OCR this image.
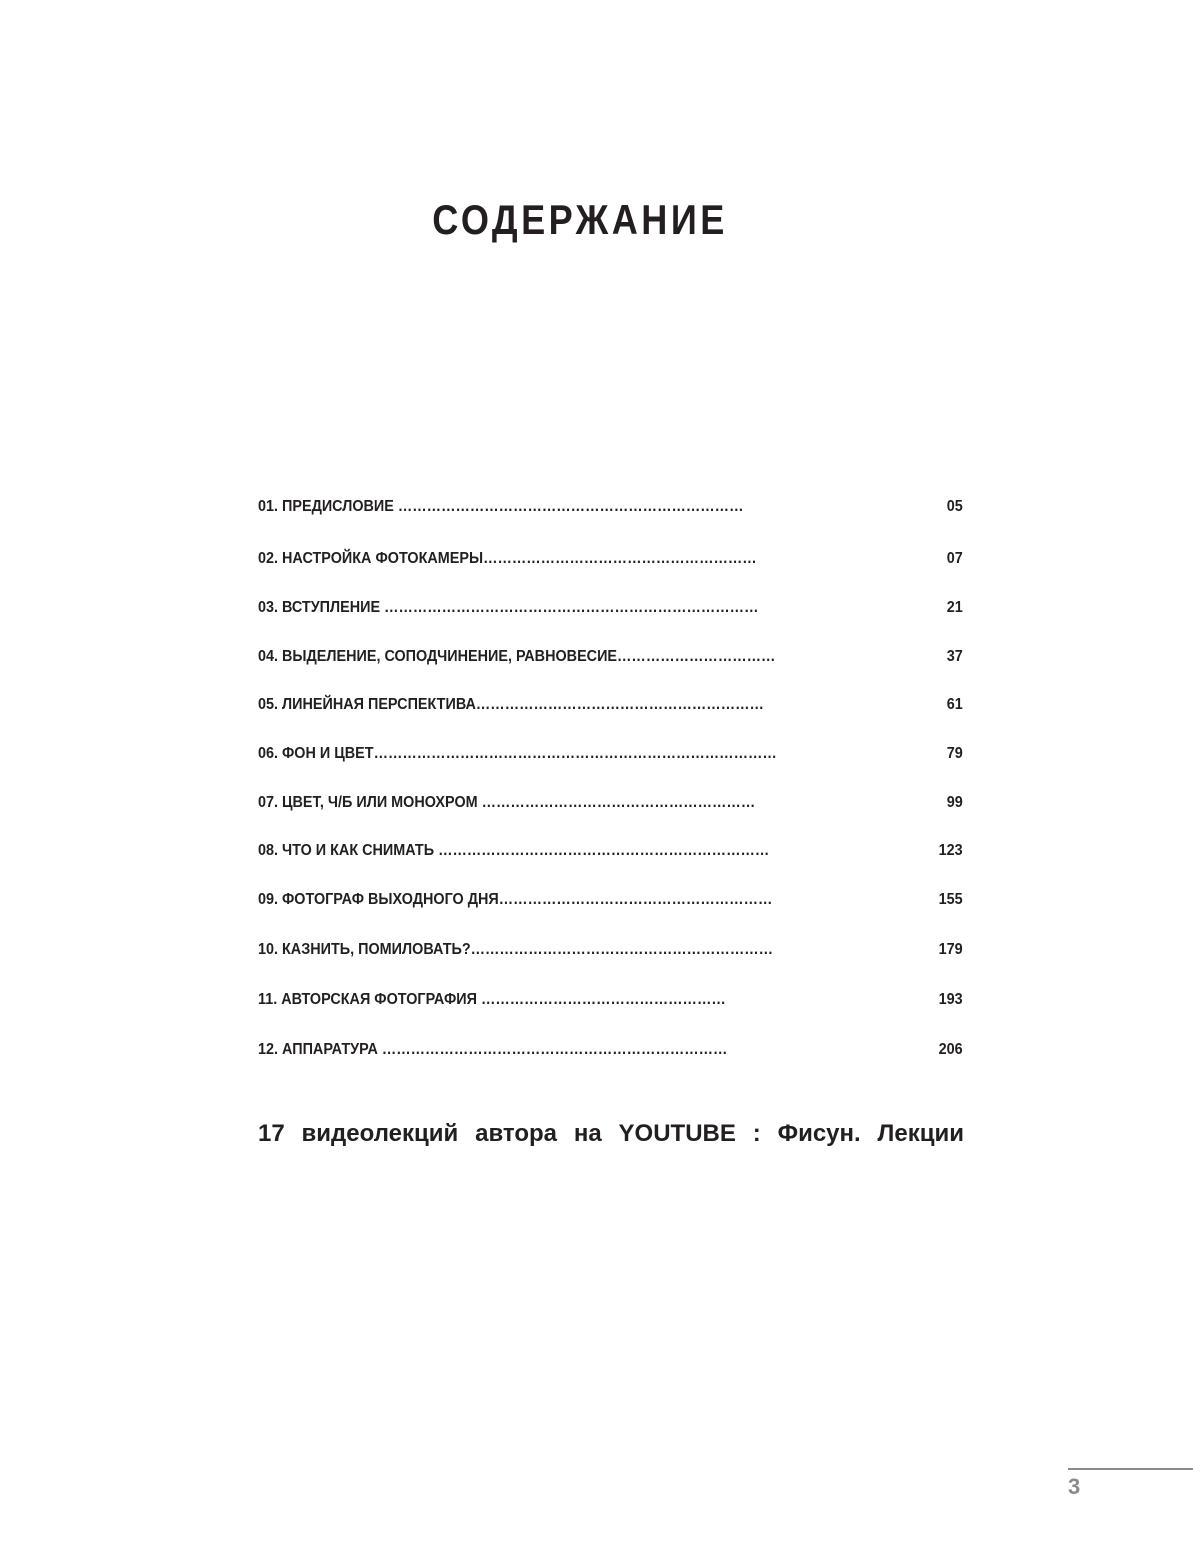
СОДЕРЖАНИЕ
01. ПРЕДИСЛОВИЕ ………………………………………………………………	05
02. НАСТРОЙКА ФОТОКАМЕРЫ…………………………………………………	07
03. ВСТУПЛЕНИЕ ……………………………………………………………………	21
04. ВЫДЕЛЕНИЕ, СОПОДЧИНЕНИЕ, РАВНОВЕСИЕ……………………………	37
05. ЛИНЕЙНАЯ ПЕРСПЕКТИВА……………………………………………………	61
06. ФОН И ЦВЕТ…………………………………………………………………………	79
07. ЦВЕТ, Ч/Б ИЛИ МОНОХРОМ …………………………………………………	99
08. ЧТО И КАК СНИМАТЬ ……………………………………………………………	123
09. ФОТОГРАФ ВЫХОДНОГО ДНЯ…………………………………………………	155
10. КАЗНИТЬ, ПОМИЛОВАТЬ?………………………………………………………	179
11. АВТОРСКАЯ ФОТОГРАФИЯ ……………………………………………	193
12. АППАРАТУРА ………………………………………………………………	206
17 видеолекций автора на YOUTUBE : Фисун. Лекции
3
